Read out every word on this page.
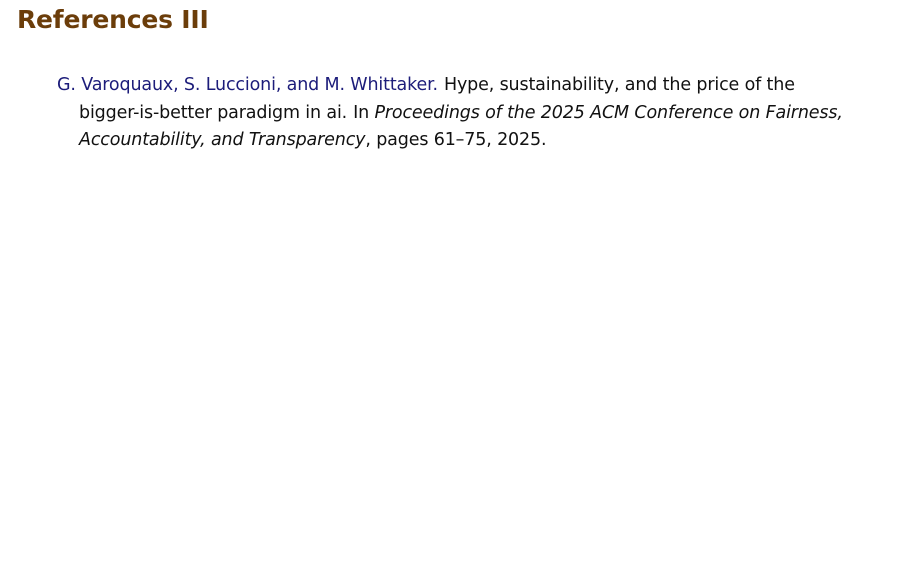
References III
G. Varoquaux, S. Luccioni, and M. Whittaker. Hype, sustainability, and the price of the bigger-is-better paradigm in ai. In Proceedings of the 2025 ACM Conference on Fairness, Accountability, and Transparency, pages 61–75, 2025.
